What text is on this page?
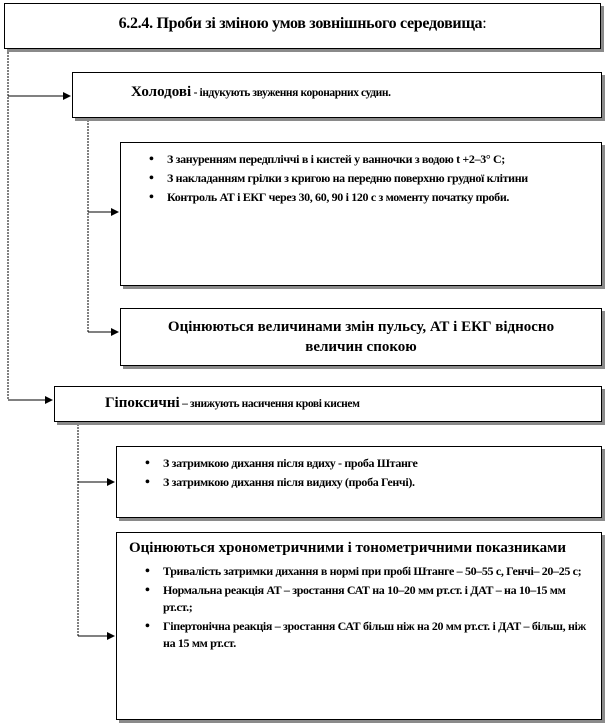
6.2.4. Проби зі зміною умов зовнішнього середовища:
Холодові - індукують звуження коронарних судин.
• З зануренням передпліччі в і кистей у ванночки з водою t +2–3° С;
• З накладанням грілки з кригою на передню поверхню грудної клітини
• Контроль АТ і ЕКГ через 30, 60, 90 і 120 с з моменту початку проби.
Оцінюються величинами змін пульсу, АТ і ЕКГ відносно величин спокою
Гіпоксичні – знижують насичення крові киснем
• З затримкою дихання після вдиху - проба Штанге
• З затримкою дихання після видиху (проба Генчі).
Оцінюються хронометричними і тонометричними показниками
• Тривалість затримки дихання в нормі при пробі Штанге – 50–55 с, Генчі– 20–25 с;
• Нормальна реакція АТ – зростання САТ на 10–20 мм рт.ст. і ДАТ – на 10–15 мм рт.ст.;
• Гіпертонічна реакція – зростання САТ більш ніж на 20 мм рт.ст. і ДАТ – більш, ніж на 15 мм рт.ст.
